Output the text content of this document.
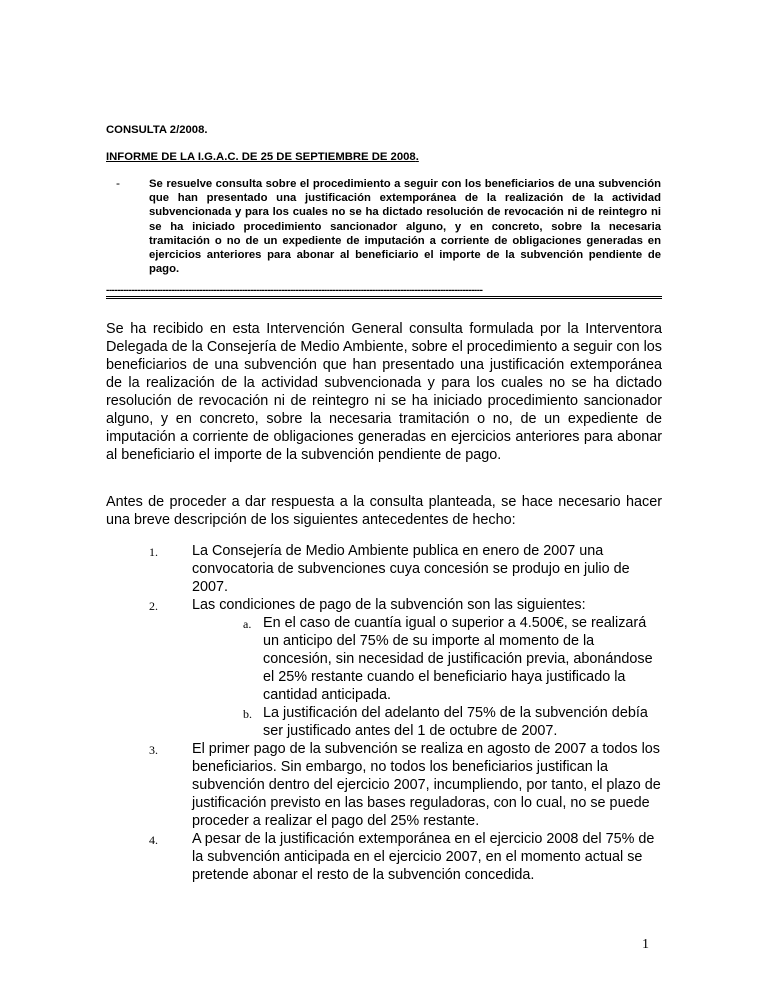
CONSULTA 2/2008.
INFORME DE LA I.G.A.C. DE 25 DE SEPTIEMBRE DE 2008.
-	Se resuelve consulta sobre el procedimiento a seguir con los beneficiarios de una subvención que han presentado una justificación extemporánea de la realización de la actividad subvencionada y para los cuales no se ha dictado resolución de revocación ni de reintegro ni se ha iniciado procedimiento sancionador alguno, y en concreto, sobre la necesaria tramitación o no de un expediente de imputación a corriente de obligaciones generadas en ejercicios anteriores para abonar al beneficiario el importe de la subvención pendiente de pago.

-------------------------------------------------------------------------------------------------------------------------------------

Se ha recibido en esta Intervención General consulta formulada por la Interventora Delegada de la Consejería de Medio Ambiente, sobre el procedimiento a seguir con los beneficiarios de una subvención que han presentado una justificación extemporánea de la realización de la actividad subvencionada y para los cuales no se ha dictado resolución de revocación ni de reintegro ni se ha iniciado procedimiento sancionador alguno, y en concreto, sobre la necesaria tramitación o no, de un expediente de imputación a corriente de obligaciones generadas en ejercicios anteriores para abonar al beneficiario el importe de la subvención pendiente de pago.

Antes de proceder a dar respuesta a la consulta planteada, se hace necesario hacer una breve descripción de los siguientes antecedentes de hecho:

1. La Consejería de Medio Ambiente publica en enero de 2007 una convocatoria de subvenciones cuya concesión se produjo en julio de 2007.
2. Las condiciones de pago de la subvención son las siguientes:
a. En el caso de cuantía igual o superior a 4.500€, se realizará un anticipo del 75% de su importe al momento de la concesión, sin necesidad de justificación previa, abonándose el 25% restante cuando el beneficiario haya justificado la cantidad anticipada.
b. La justificación del adelanto del 75% de la subvención debía ser justificado antes del 1 de octubre de 2007.
3. El primer pago de la subvención se realiza en agosto de 2007 a todos los beneficiarios. Sin embargo, no todos los beneficiarios justifican la subvención dentro del ejercicio 2007, incumpliendo, por tanto, el plazo de justificación previsto en las bases reguladoras, con lo cual, no se puede proceder a realizar el pago del 25% restante.
4. A pesar de la justificación extemporánea en el ejercicio 2008 del 75% de la subvención anticipada en el ejercicio 2007, en el momento actual se pretende abonar el resto de la subvención concedida.
1
